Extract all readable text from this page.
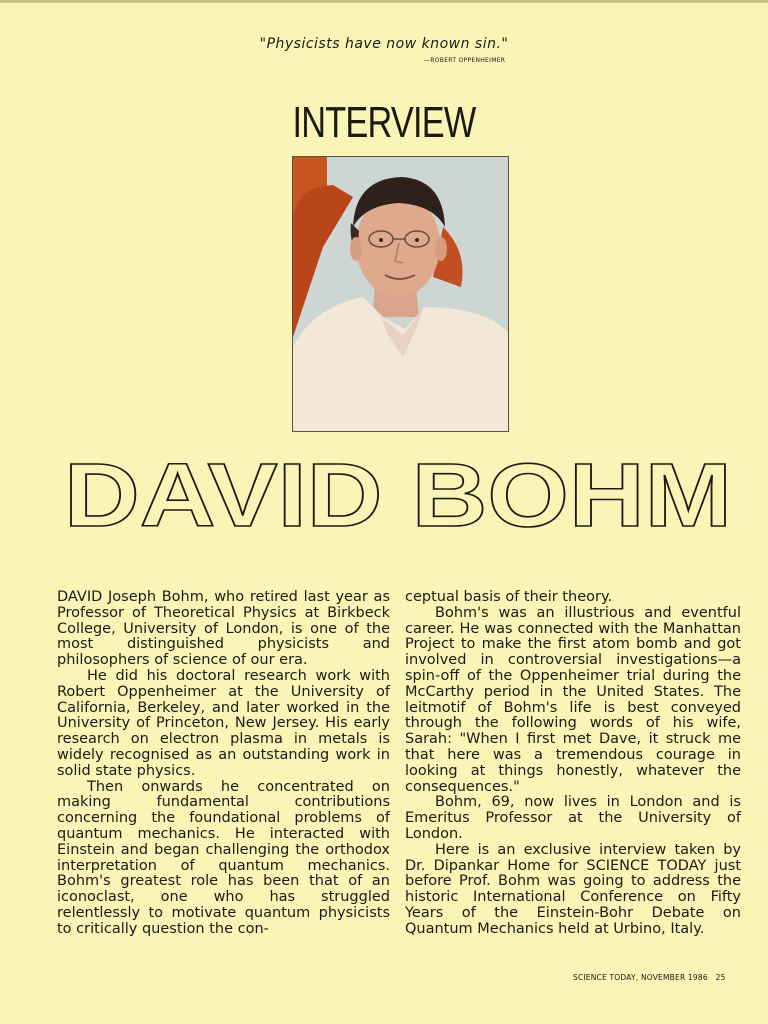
"Physicists have now known sin."
—ROBERT OPPENHEIMER
INTERVIEW
DAVID BOHM

DAVID Joseph Bohm, who retired last year as Professor of Theoretical Physics at Birkbeck College, University of London, is one of the most distinguished physicists and philosophers of science of our era.

He did his doctoral research work with Robert Oppenheimer at the University of California, Berkeley, and later worked in the University of Princeton, New Jersey. His early research on electron plasma in metals is widely recognised as an outstanding work in solid state physics.

Then onwards he concentrated on making fundamental contributions concerning the foundational problems of quantum mechanics. He interacted with Einstein and began challenging the orthodox interpretation of quantum mechanics. Bohm's greatest role has been that of an iconoclast, one who has struggled relentlessly to motivate quantum physicists to critically question the con-

ceptual basis of their theory.

Bohm's was an illustrious and eventful career. He was connected with the Manhattan Project to make the first atom bomb and got involved in controversial investigations—a spin-off of the Oppenheimer trial during the McCarthy period in the United States. The leitmotif of Bohm's life is best conveyed through the following words of his wife, Sarah: "When I first met Dave, it struck me that here was a tremendous courage in looking at things honestly, whatever the consequences."

Bohm, 69, now lives in London and is Emeritus Professor at the University of London.

Here is an exclusive interview taken by Dr. Dipankar Home for SCIENCE TODAY just before Prof. Bohm was going to address the historic International Conference on Fifty Years of the Einstein-Bohr Debate on Quantum Mechanics held at Urbino, Italy.

SCIENCE TODAY, NOVEMBER 1986 25
